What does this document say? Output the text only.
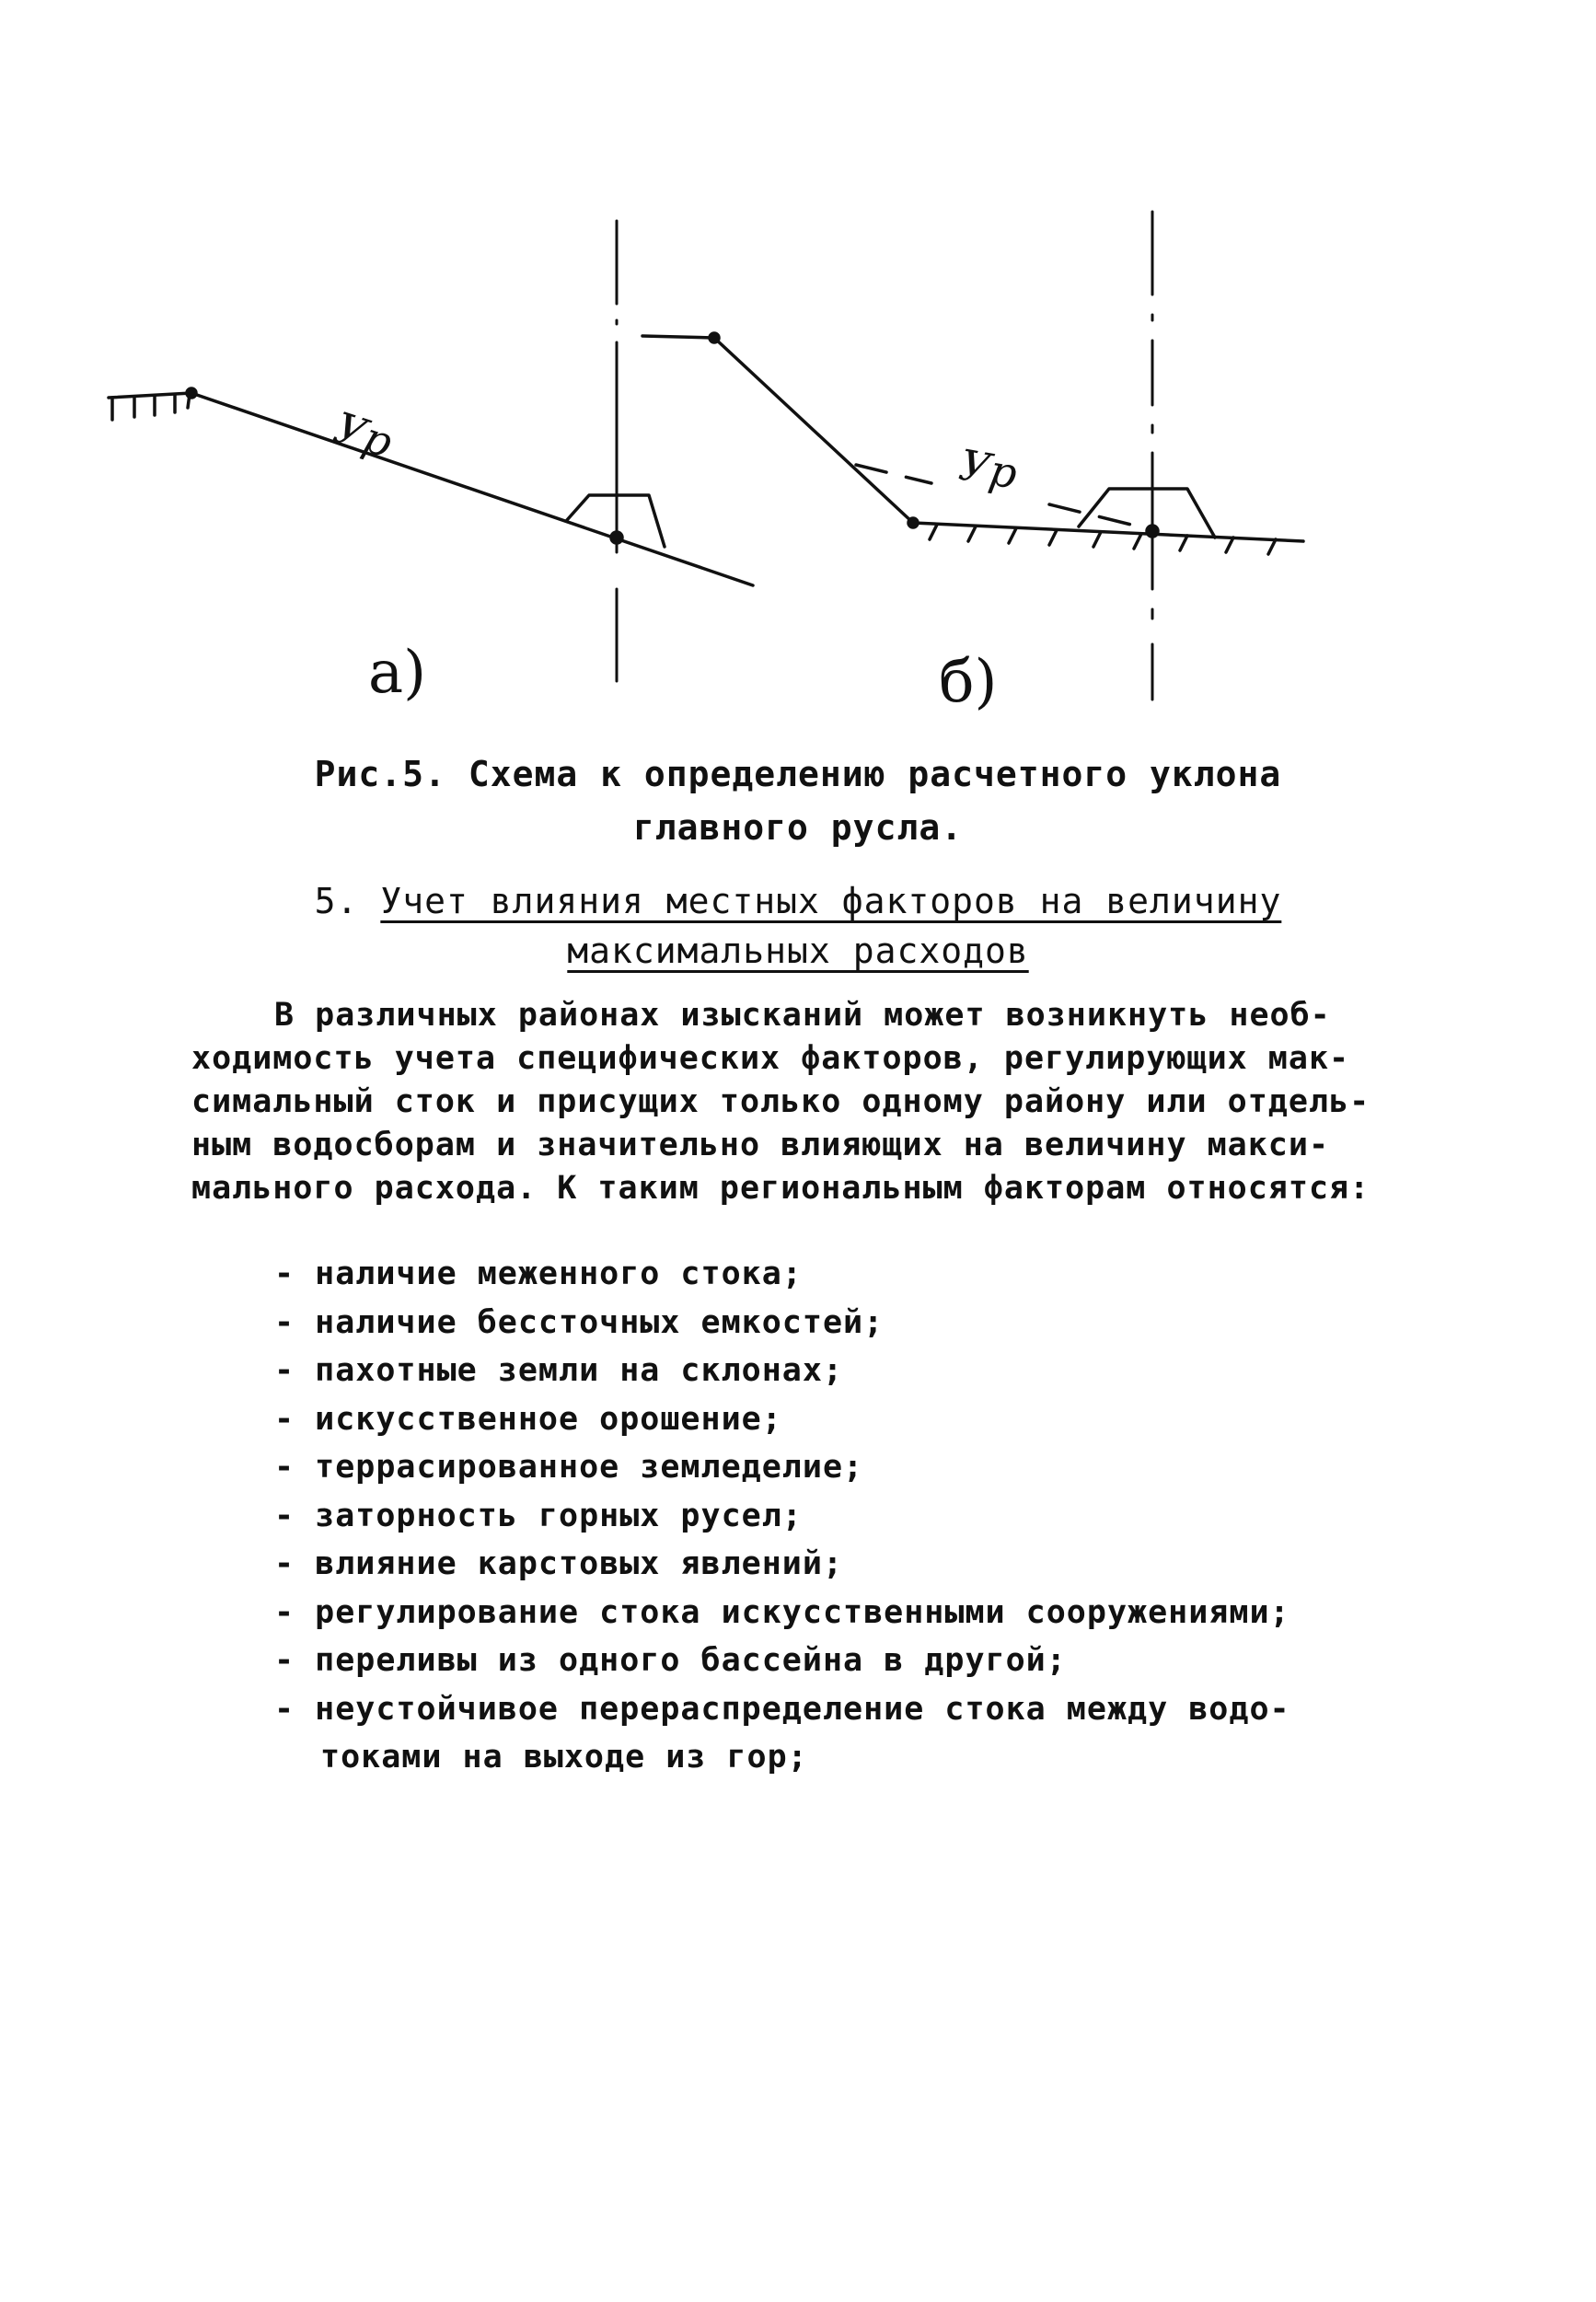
Уp
Уp
а)	б)
Рис.5. Схема к определению расчетного уклона
главного русла.
5. Учет влияния местных факторов на величину
максимальных расходов
В различных районах изысканий может возникнуть необ-
ходимость учета специфических факторов, регулирующих мак-
симальный сток и присущих только одному району или отдель-
ным водосборам и значительно влияющих на величину макси-
мального расхода. К таким региональным факторам относятся:
- наличие меженного стока;
- наличие бессточных емкостей;
- пахотные земли на склонах;
- искусственное орошение;
- террасированное земледелие;
- заторность горных русел;
- влияние карстовых явлений;
- регулирование стока искусственными сооружениями;
- переливы из одного бассейна в другой;
- неустойчивое перераспределение стока между водо-
токами на выходе из гор;
